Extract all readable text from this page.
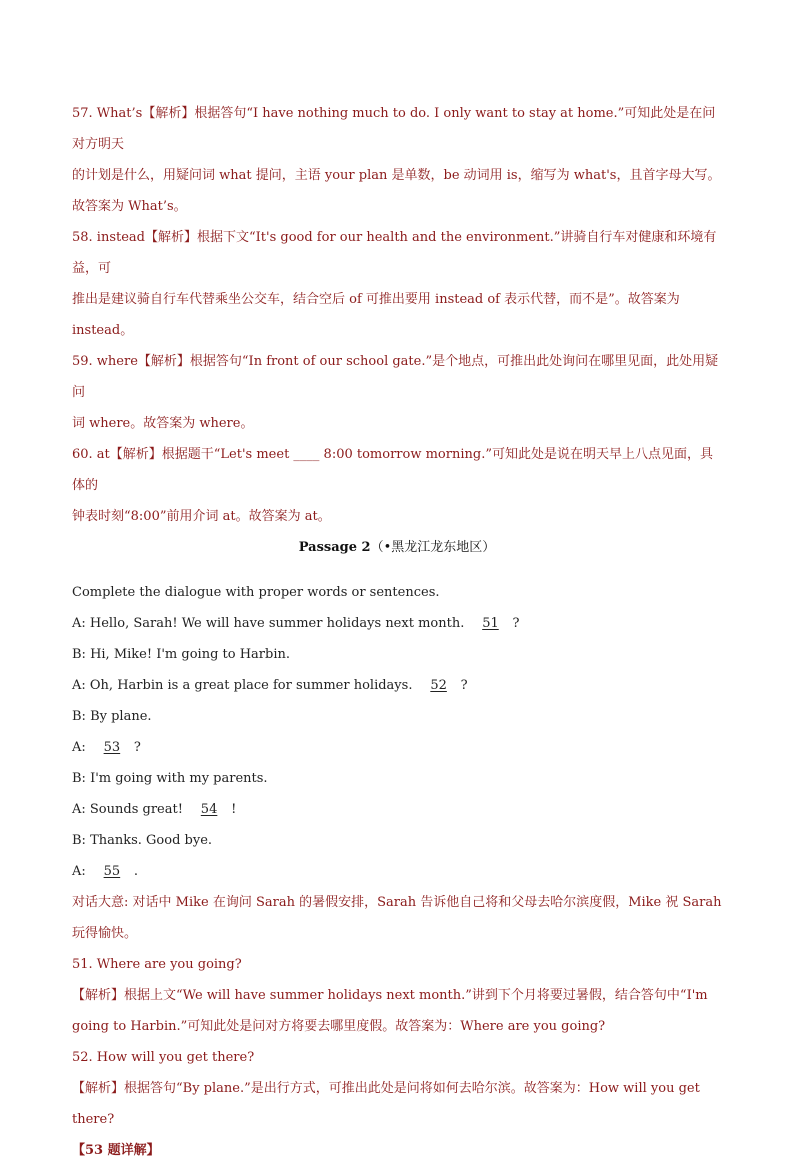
57. What’s【解析】根据答句“I have nothing much to do. I only want to stay at home.”可知此处是在问对方明天

的计划是什么，用疑问词 what 提问，主语 your plan 是单数，be 动词用 is，缩写为 what's，且首字母大写。

故答案为 What’s。

58. instead【解析】根据下文“It's good for our health and the environment.”讲骑自行车对健康和环境有益，可

推出是建议骑自行车代替乘坐公交车，结合空后 of 可推出要用 instead of 表示代替，而不是”。故答案为 instead。

59. where【解析】根据答句“In front of our school gate.”是个地点，可推出此处询问在哪里见面，此处用疑问

词 where。故答案为 where。

60. at【解析】根据题干“Let's meet ____ 8:00 tomorrow morning.”可知此处是说在明天早上八点见面，具体的

钟表时刻“8:00”前用介词 at。故答案为 at。

Passage 2（•黑龙江龙东地区）

Complete the dialogue with proper words or sentences.

A: Hello, Sarah! We will have summer holidays next month. 51 ?

B: Hi, Mike! I'm going to Harbin.

A: Oh, Harbin is a great place for summer holidays. 52 ?

B: By plane.

A: 53 ?

B: I'm going with my parents.

A: Sounds great! 54 !

B: Thanks. Good bye.

A: 55 .

对话大意: 对话中 Mike 在询问 Sarah 的暑假安排，Sarah 告诉他自己将和父母去哈尔滨度假，Mike 祝 Sarah

玩得愉快。

51. Where are you going?

【解析】根据上文“We will have summer holidays next month.”讲到下个月将要过暑假，结合答句中“I'm

going to Harbin.”可知此处是问对方将要去哪里度假。故答案为：Where are you going?

52. How will you get there?

【解析】根据答句“By plane.”是出行方式，可推出此处是问将如何去哈尔滨。故答案为：How will you get

there?

【53 题详解】
